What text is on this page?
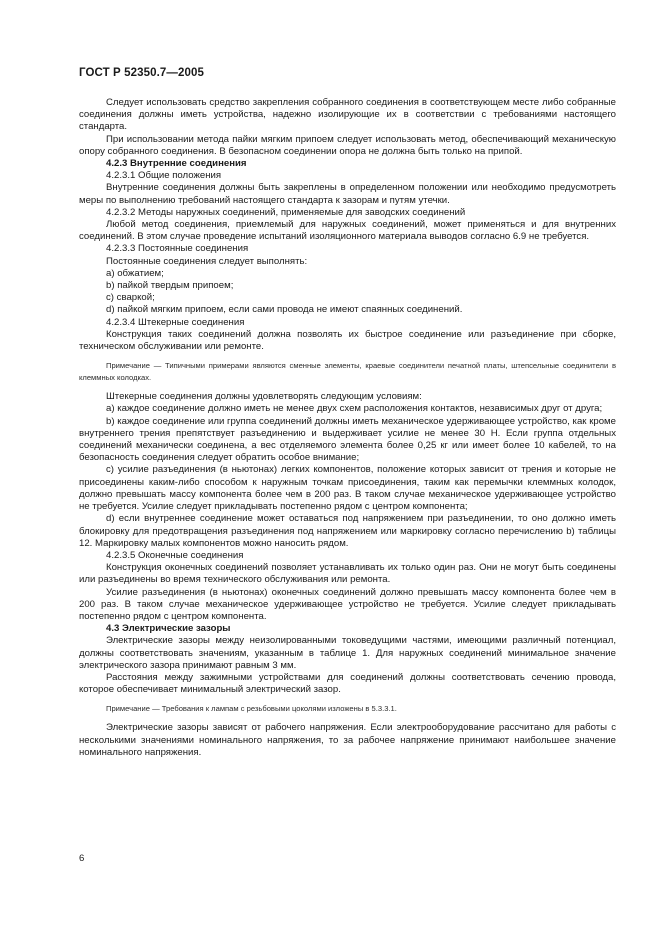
ГОСТ Р 52350.7—2005

Следует использовать средство закрепления собранного соединения в соответствующем месте либо собранные соединения должны иметь устройства, надежно изолирующие их в соответствии с требованиями настоящего стандарта.

При использовании метода пайки мягким припоем следует использовать метод, обеспечивающий механическую опору собранного соединения. В безопасном соединении опора не должна быть только на припой.

4.2.3 Внутренние соединения

4.2.3.1 Общие положения

Внутренние соединения должны быть закреплены в определенном положении или необходимо предусмотреть меры по выполнению требований настоящего стандарта к зазорам и путям утечки.

4.2.3.2 Методы наружных соединений, применяемые для заводских соединений

Любой метод соединения, приемлемый для наружных соединений, может применяться и для внутренних соединений. В этом случае проведение испытаний изоляционного материала выводов согласно 6.9 не требуется.

4.2.3.3 Постоянные соединения

Постоянные соединения следует выполнять:

a) обжатием;

b) пайкой твердым припоем;

c) сваркой;

d) пайкой мягким припоем, если сами провода не имеют спаянных соединений.

4.2.3.4 Штекерные соединения

Конструкция таких соединений должна позволять их быстрое соединение или разъединение при сборке, техническом обслуживании или ремонте.

Примечание — Типичными примерами являются сменные элементы, краевые соединители печатной платы, штепсельные соединители в клеммных колодках.

Штекерные соединения должны удовлетворять следующим условиям:

a) каждое соединение должно иметь не менее двух схем расположения контактов, независимых друг от друга;

b) каждое соединение или группа соединений должны иметь механическое удерживающее устройство, как кроме внутреннего трения препятствует разъединению и выдерживает усилие не менее 30 Н. Если группа отдельных соединений механически соединена, а вес отделяемого элемента более 0,25 кг или имеет более 10 кабелей, то на безопасность соединения следует обратить особое внимание;

c) усилие разъединения (в ньютонах) легких компонентов, положение которых зависит от трения и которые не присоединены каким-либо способом к наружным точкам присоединения, таким как перемычки клеммных колодок, должно превышать массу компонента более чем в 200 раз. В таком случае механическое удерживающее устройство не требуется. Усилие следует прикладывать постепенно рядом с центром компонента;

d) если внутреннее соединение может оставаться под напряжением при разъединении, то оно должно иметь блокировку для предотвращения разъединения под напряжением или маркировку согласно перечислению b) таблицы 12. Маркировку малых компонентов можно наносить рядом.

4.2.3.5 Оконечные соединения

Конструкция оконечных соединений позволяет устанавливать их только один раз. Они не могут быть соединены или разъединены во время технического обслуживания или ремонта.

Усилие разъединения (в ньютонах) оконечных соединений должно превышать массу компонента более чем в 200 раз. В таком случае механическое удерживающее устройство не требуется. Усилие следует прикладывать постепенно рядом с центром компонента.

4.3 Электрические зазоры

Электрические зазоры между неизолированными токоведущими частями, имеющими различный потенциал, должны соответствовать значениям, указанным в таблице 1. Для наружных соединений минимальное значение электрического зазора принимают равным 3 мм.

Расстояния между зажимными устройствами для соединений должны соответствовать сечению провода, которое обеспечивает минимальный электрический зазор.

Примечание — Требования к лампам с резьбовыми цоколями изложены в 5.3.3.1.

Электрические зазоры зависят от рабочего напряжения. Если электрооборудование рассчитано для работы с несколькими значениями номинального напряжения, то за рабочее напряжение принимают наибольшее значение номинального напряжения.

6
